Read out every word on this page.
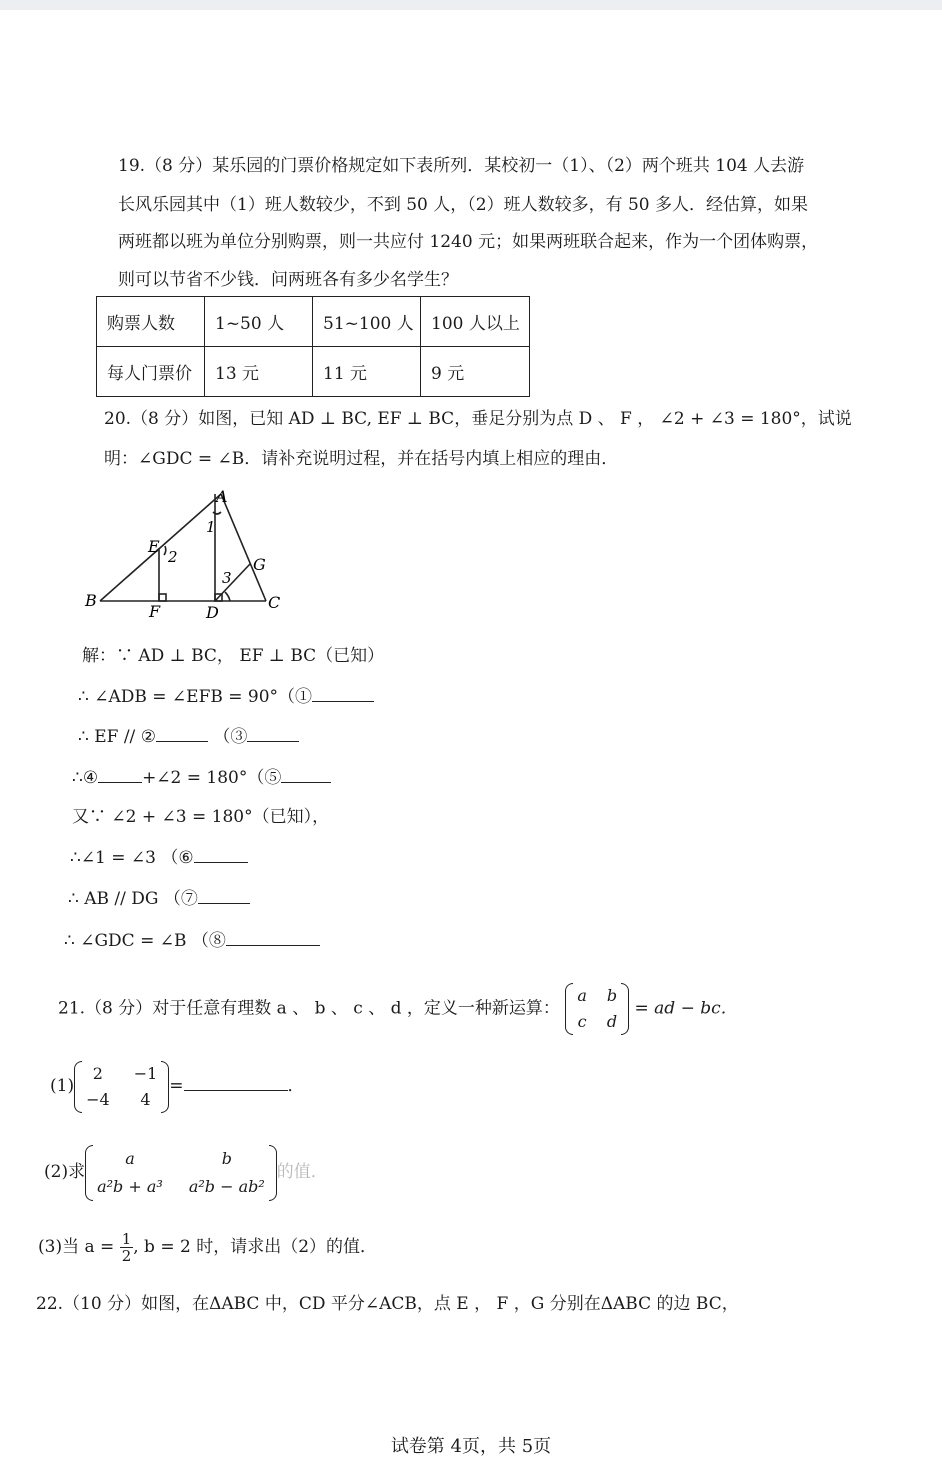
19.（8 分）某乐园的门票价格规定如下表所列．某校初一（1）、（2）两个班共 104 人去游
长风乐园其中（1）班人数较少，不到 50 人，（2）班人数较多，有 50 多人．经估算，如果
两班都以班为单位分别购票，则一共应付 1240 元；如果两班联合起来，作为一个团体购票，
则可以节省不少钱．问两班各有多少名学生？
购票人数	1~50 人	51~100 人	100 人以上
每人门票价	13 元	11 元	9 元
20.（8 分）如图，已知 AD ⊥ BC, EF ⊥ BC，垂足分别为点 D 、 F ， ∠2 + ∠3 = 180°，试说
明：∠GDC = ∠B．请补充说明过程，并在括号内填上相应的理由．
A
B	C
D
E
F
G
1
2
3
解：∵ AD ⊥ BC， EF ⊥ BC（已知）
∴ ∠ADB = ∠EFB = 90°（①
∴ EF // ②	（③
∴④	+∠2 = 180°（⑤
又∵ ∠2 + ∠3 = 180°（已知），
∴∠1 = ∠3 （⑥
∴ AB // DG （⑦
∴ ∠GDC = ∠B （⑧
21.（8 分）对于任意有理数 a 、 b 、 c 、 d ，定义一种新运算：
a b
c d
= ad − bc．
(1)
2	−1
−4	4
=	．
(2)求
a	b
a²b + a³ a²b − ab²
的值．
(3)当 $a = \frac{1}{2}$ , b = 2 时，请求出（2）的值．
22.（10 分）如图，在ΔABC 中，CD 平分∠ACB，点 E ， F ，G 分别在ΔABC 的边 BC，
试卷第 4页，共 5页
